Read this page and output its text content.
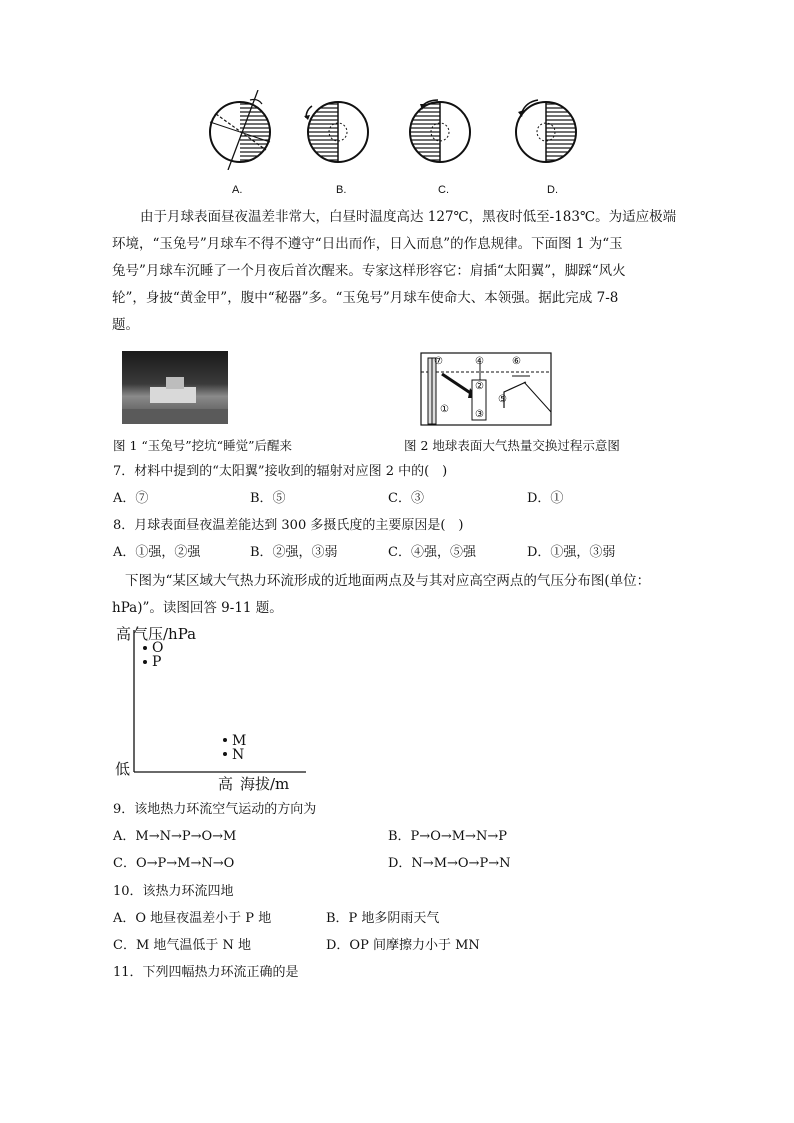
A.	B.	C.	D.
由于月球表面昼夜温差非常大，白昼时温度高达 127℃，黑夜时低至-183℃。为适应极端
环境，“玉兔号”月球车不得不遵守“日出而作，日入而息”的作息规律。下面图 1 为“玉
兔号”月球车沉睡了一个月夜后首次醒来。专家这样形容它：肩插“太阳翼”，脚踩“风火
轮”，身披“黄金甲”，腹中“秘器”多。“玉兔号”月球车使命大、本领强。据此完成 7-8
题。
⑦	④	⑥
②
⑤
①	③
图 1 “玉兔号”挖坑“睡觉”后醒来	图 2 地球表面大气热量交换过程示意图
7．材料中提到的“太阳翼”接收到的辐射对应图 2 中的(　)
A．⑦	B．⑤	C．③	D．①
8．月球表面昼夜温差能达到 300 多摄氏度的主要原因是(　)
A．①强，②强	B．②强，③弱	C．④强，⑤强	D．①强，③弱
下图为“某区域大气热力环流形成的近地面两点及与其对应高空两点的气压分布图(单位：
hPa)”。读图回答 9-11 题。
高 气压/hPa
O
P
M
N
低
高 海拔/m
9．该地热力环流空气运动的方向为
A．M→N→P→O→M	B．P→O→M→N→P
C．O→P→M→N→O	D．N→M→O→P→N
10．该热力环流四地
A．O 地昼夜温差小于 P 地	B．P 地多阴雨天气
C．M 地气温低于 N 地	D．OP 间摩擦力小于 MN
11．下列四幅热力环流正确的是
